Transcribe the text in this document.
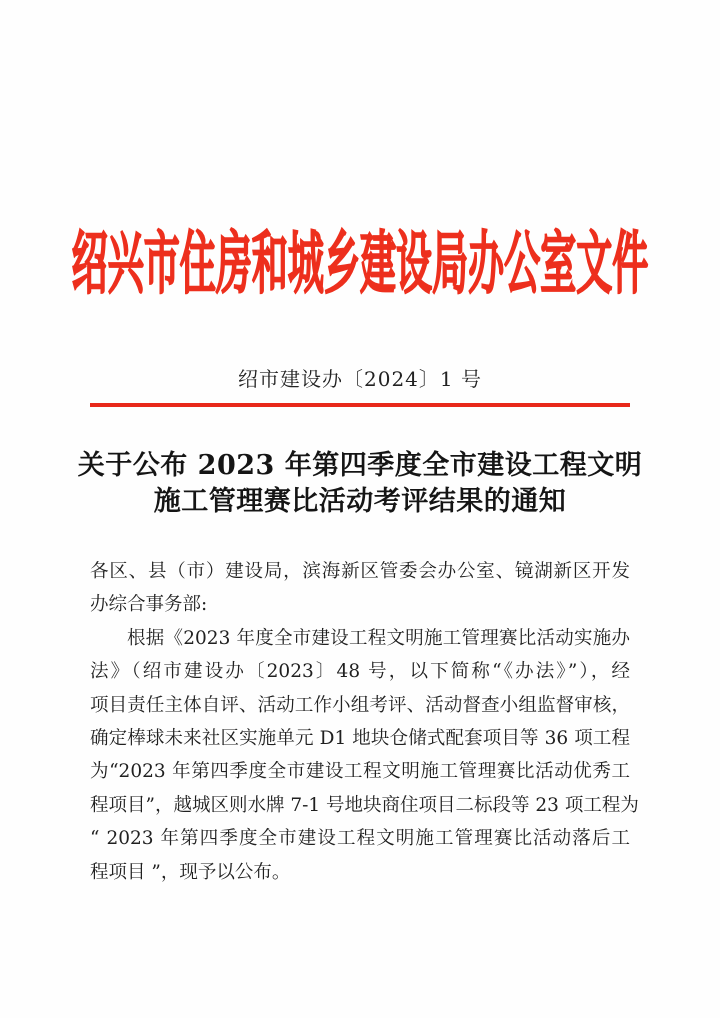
绍兴市住房和城乡建设局办公室文件
绍市建设办〔2024〕1 号
关于公布 2023 年第四季度全市建设工程文明
施工管理赛比活动考评结果的通知
各区、县（市）建设局，滨海新区管委会办公室、镜湖新区开发
办综合事务部:
根据《2023 年度全市建设工程文明施工管理赛比活动实施办
法》（绍市建设办〔2023〕48 号，以下简称“《办法》”），经
项目责任主体自评、活动工作小组考评、活动督查小组监督审核，
确定棒球未来社区实施单元 D1 地块仓储式配套项目等 36 项工程
为“2023 年第四季度全市建设工程文明施工管理赛比活动优秀工
程项目”，越城区则水牌 7-1 号地块商住项目二标段等 23 项工程为
“ 2023 年第四季度全市建设工程文明施工管理赛比活动落后工
程项目 ”，现予以公布。
